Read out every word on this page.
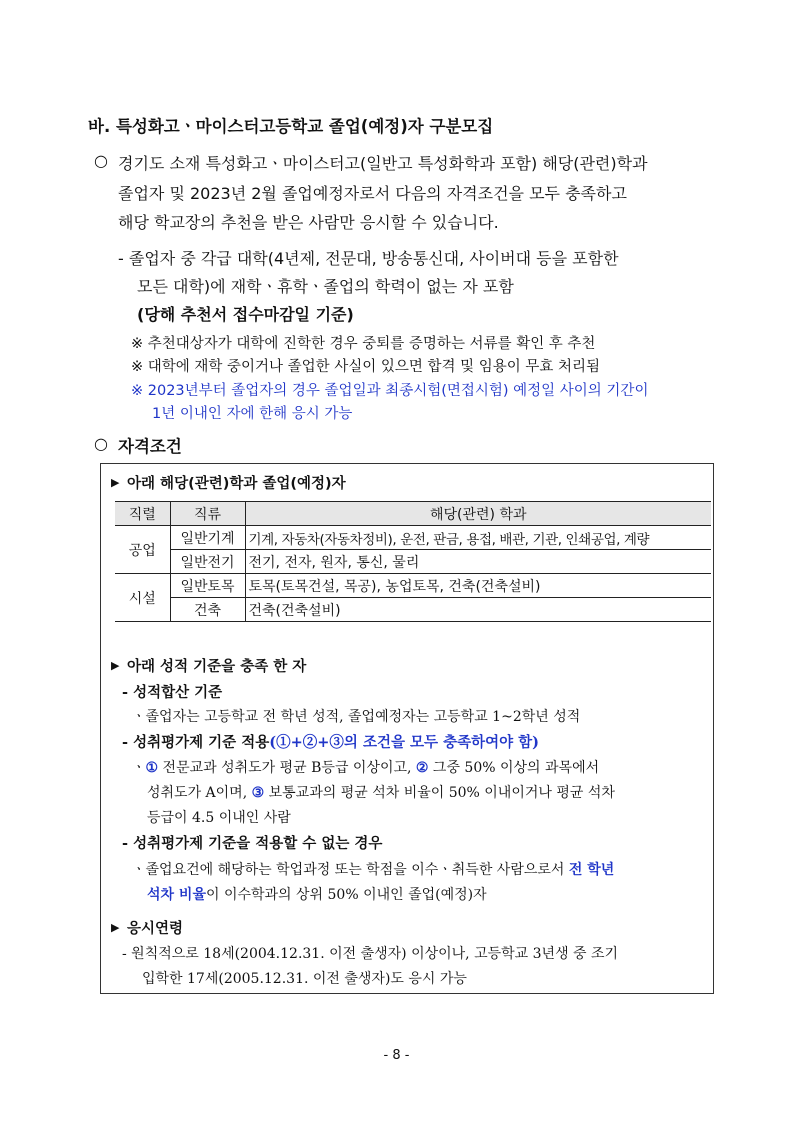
바. 특성화고ㆍ마이스터고등학교 졸업(예정)자 구분모집
○ 경기도 소재 특성화고ㆍ마이스터고(일반고 특성화학과 포함) 해당(관련)학과
졸업자 및 2023년 2월 졸업예정자로서 다음의 자격조건을 모두 충족하고
해당 학교장의 추천을 받은 사람만 응시할 수 있습니다.
- 졸업자 중 각급 대학(4년제, 전문대, 방송통신대, 사이버대 등을 포함한
모든 대학)에 재학ㆍ휴학ㆍ졸업의 학력이 없는 자 포함
(당해 추천서 접수마감일 기준)
※ 추천대상자가 대학에 진학한 경우 중퇴를 증명하는 서류를 확인 후 추천
※ 대학에 재학 중이거나 졸업한 사실이 있으면 합격 및 임용이 무효 처리됨
※ 2023년부터 졸업자의 경우 졸업일과 최종시험(면접시험) 예정일 사이의 기간이
1년 이내인 자에 한해 응시 가능
○ 자격조건
▶ 아래 해당(관련)학과 졸업(예정)자
직렬	직류	해당(관련) 학과
공업	일반기계	기계, 자동차(자동차정비), 운전, 판금, 용접, 배관, 기관, 인쇄공업, 계량
	일반전기	전기, 전자, 원자, 통신, 물리
시설	일반토목	토목(토목건설, 목공), 농업토목, 건축(건축설비)
	건축	건축(건축설비)
▶ 아래 성적 기준을 충족 한 자
- 성적합산 기준
ㆍ졸업자는 고등학교 전 학년 성적, 졸업예정자는 고등학교 1~2학년 성적
- 성취평가제 기준 적용(①+②+③의 조건을 모두 충족하여야 함)
ㆍ① 전문교과 성취도가 평균 B등급 이상이고, ② 그중 50% 이상의 과목에서
성취도가 A이며, ③ 보통교과의 평균 석차 비율이 50% 이내이거나 평균 석차
등급이 4.5 이내인 사람
- 성취평가제 기준을 적용할 수 없는 경우
ㆍ졸업요건에 해당하는 학업과정 또는 학점을 이수ㆍ취득한 사람으로서 전 학년
석차 비율이 이수학과의 상위 50% 이내인 졸업(예정)자
▶ 응시연령
- 원칙적으로 18세(2004.12.31. 이전 출생자) 이상이나, 고등학교 3년생 중 조기
입학한 17세(2005.12.31. 이전 출생자)도 응시 가능
- 8 -
